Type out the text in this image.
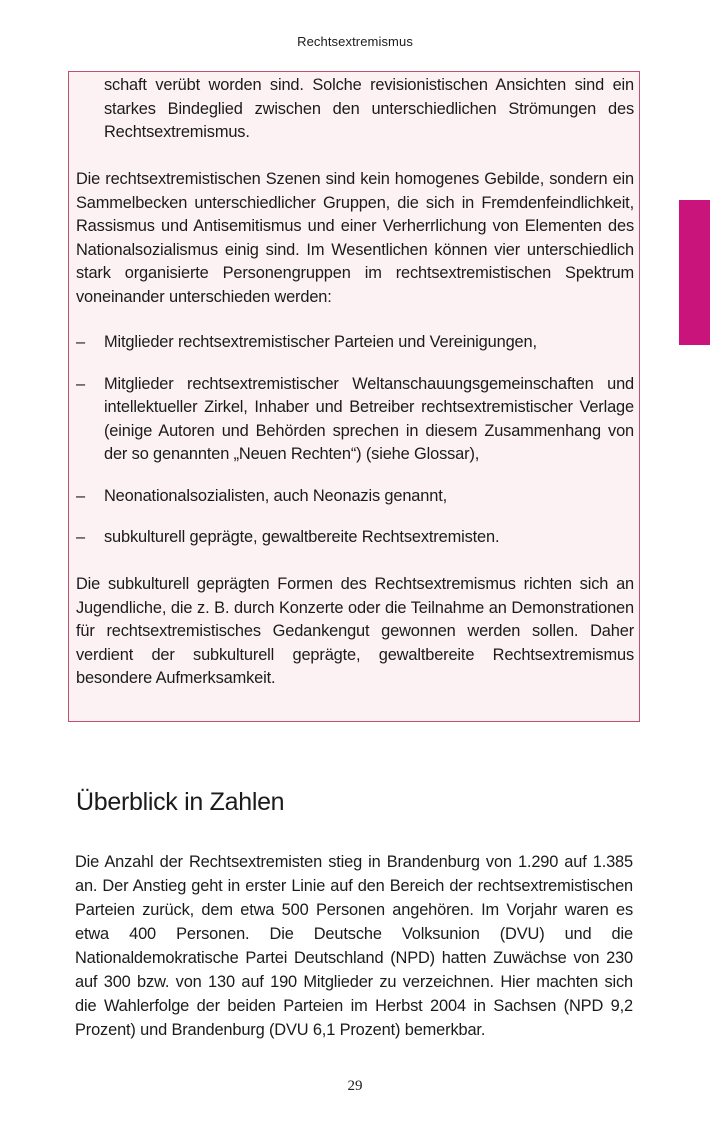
Rechtsextremismus

schaft verübt worden sind. Solche revisionistischen Ansichten sind ein starkes Bindeglied zwischen den unterschiedlichen Strömungen des Rechtsextremismus.

Die rechtsextremistischen Szenen sind kein homogenes Gebilde, sondern ein Sammelbecken unterschiedlicher Gruppen, die sich in Fremdenfeindlichkeit, Rassismus und Antisemitismus und einer Verherrlichung von Elementen des Nationalsozialismus einig sind. Im Wesentlichen können vier unterschiedlich stark organisierte Personengruppen im rechtsextremistischen Spektrum voneinander unterschieden werden:

–	Mitglieder rechtsextremistischer Parteien und Vereinigungen,
–	Mitglieder rechtsextremistischer Weltanschauungsgemeinschaften und intellektueller Zirkel, Inhaber und Betreiber rechtsextremistischer Verlage (einige Autoren und Behörden sprechen in diesem Zusammenhang von der so genannten „Neuen Rechten“) (siehe Glossar),
–	Neonationalsozialisten, auch Neonazis genannt,
–	subkulturell geprägte, gewaltbereite Rechtsextremisten.

Die subkulturell geprägten Formen des Rechtsextremismus richten sich an Jugendliche, die z. B. durch Konzerte oder die Teilnahme an Demonstrationen für rechtsextremistisches Gedankengut gewonnen werden sollen. Daher verdient der subkulturell geprägte, gewaltbereite Rechtsextremismus besondere Aufmerksamkeit.

Überblick in Zahlen

Die Anzahl der Rechtsextremisten stieg in Brandenburg von 1.290 auf 1.385 an. Der Anstieg geht in erster Linie auf den Bereich der rechtsextremistischen Parteien zurück, dem etwa 500 Personen angehören. Im Vorjahr waren es etwa 400 Personen. Die Deutsche Volksunion (DVU) und die Nationaldemokratische Partei Deutschland (NPD) hatten Zuwächse von 230 auf 300 bzw. von 130 auf 190 Mitglieder zu verzeichnen. Hier machten sich die Wahlerfolge der beiden Parteien im Herbst 2004 in Sachsen (NPD 9,2 Prozent) und Brandenburg (DVU 6,1 Prozent) bemerkbar.

29
